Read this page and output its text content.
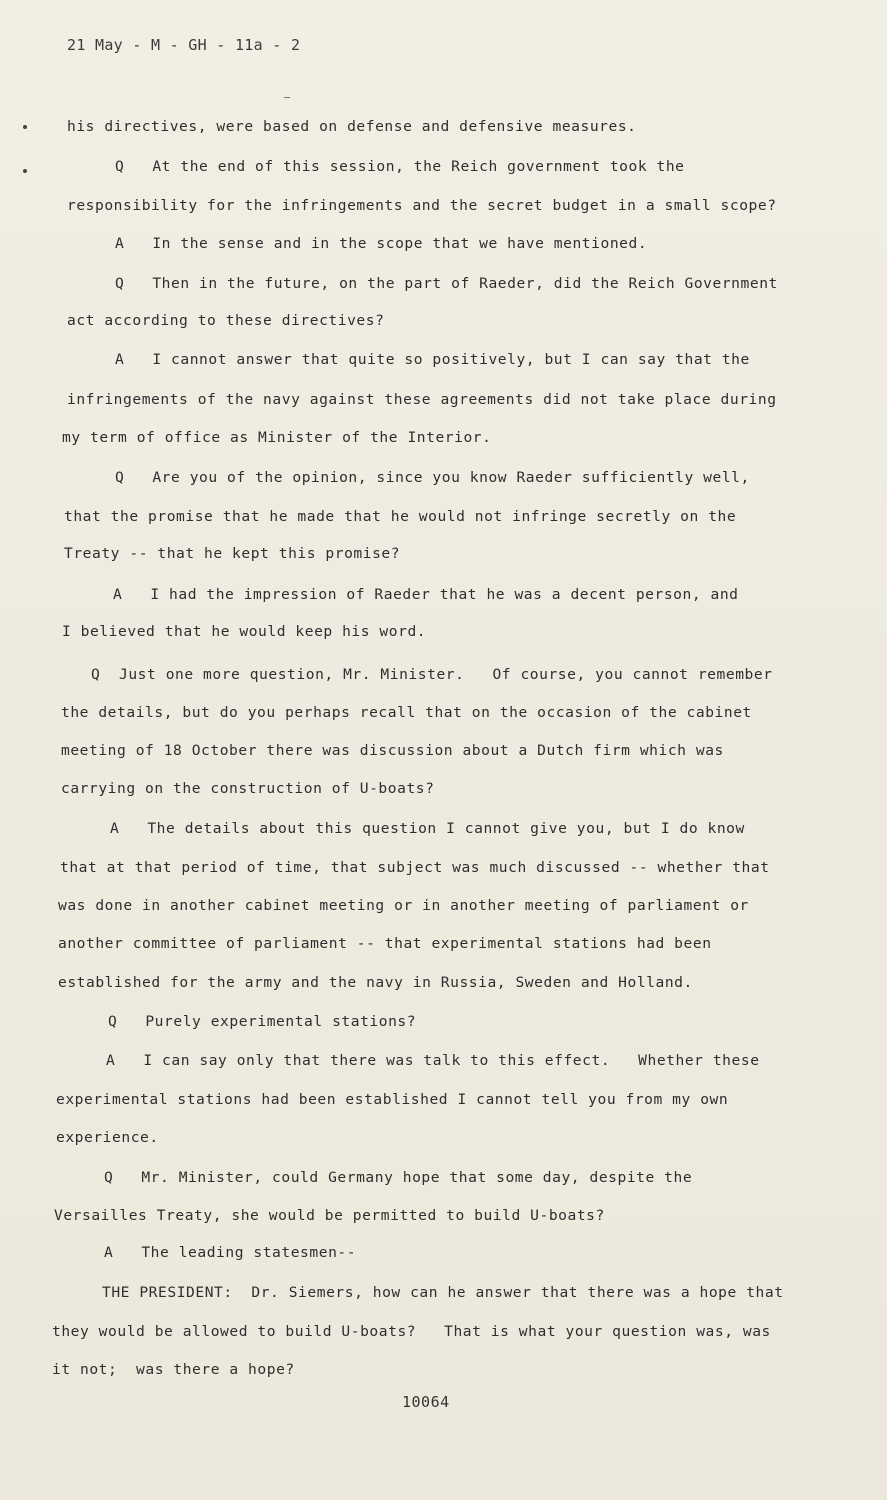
21 May - M - GH - 11a - 2
his directives, were based on defense and defensive measures.
Q   At the end of this session, the Reich government took the
responsibility for the infringements and the secret budget in a small scope?
A   In the sense and in the scope that we have mentioned.
Q   Then in the future, on the part of Raeder, did the Reich Government
act according to these directives?
A   I cannot answer that quite so positively, but I can say that the
infringements of the navy against these agreements did not take place during
my term of office as Minister of the Interior.
Q   Are you of the opinion, since you know Raeder sufficiently well,
that the promise that he made that he would not infringe secretly on the
Treaty -- that he kept this promise?
A   I had the impression of Raeder that he was a decent person, and
I believed that he would keep his word.
Q  Just one more question, Mr. Minister.   Of course, you cannot remember
the details, but do you perhaps recall that on the occasion of the cabinet
meeting of 18 October there was discussion about a Dutch firm which was
carrying on the construction of U-boats?
A   The details about this question I cannot give you, but I do know
that at that period of time, that subject was much discussed -- whether that
was done in another cabinet meeting or in another meeting of parliament or
another committee of parliament -- that experimental stations had been
established for the army and the navy in Russia, Sweden and Holland.
Q   Purely experimental stations?
A   I can say only that there was talk to this effect.   Whether these
experimental stations had been established I cannot tell you from my own
experience.
Q   Mr. Minister, could Germany hope that some day, despite the
Versailles Treaty, she would be permitted to build U-boats?
A   The leading statesmen--
THE PRESIDENT:  Dr. Siemers, how can he answer that there was a hope that
they would be allowed to build U-boats?   That is what your question was, was
it not;  was there a hope?
10064
